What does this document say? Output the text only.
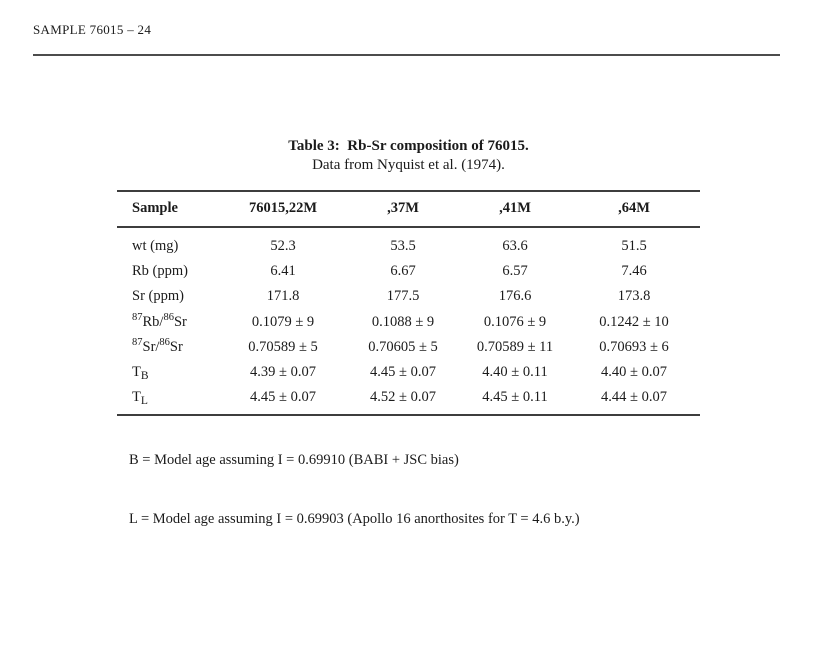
SAMPLE 76015 – 24
Table 3:  Rb-Sr composition of 76015.
Data from Nyquist et al. (1974).
Sample	76015,22M	,37M	,41M	,64M
wt (mg)	52.3	53.5	63.6	51.5
Rb (ppm)	6.41	6.67	6.57	7.46
Sr (ppm)	171.8	177.5	176.6	173.8
$^{87}$Rb/$^{86}$Sr	0.1079 ± 9	0.1088 ± 9	0.1076 ± 9	0.1242 ± 10
$^{87}$Sr/$^{86}$Sr	0.70589 ± 5	0.70605 ± 5	0.70589 ± 11	0.70693 ± 6
$T_B$	4.39 ± 0.07	4.45 ± 0.07	4.40 ± 0.11	4.40 ± 0.07
$T_L$	4.45 ± 0.07	4.52 ± 0.07	4.45 ± 0.11	4.44 ± 0.07

B = Model age assuming I = 0.69910 (BABI + JSC bias)

L = Model age assuming I = 0.69903 (Apollo 16 anorthosites for T = 4.6 b.y.)
